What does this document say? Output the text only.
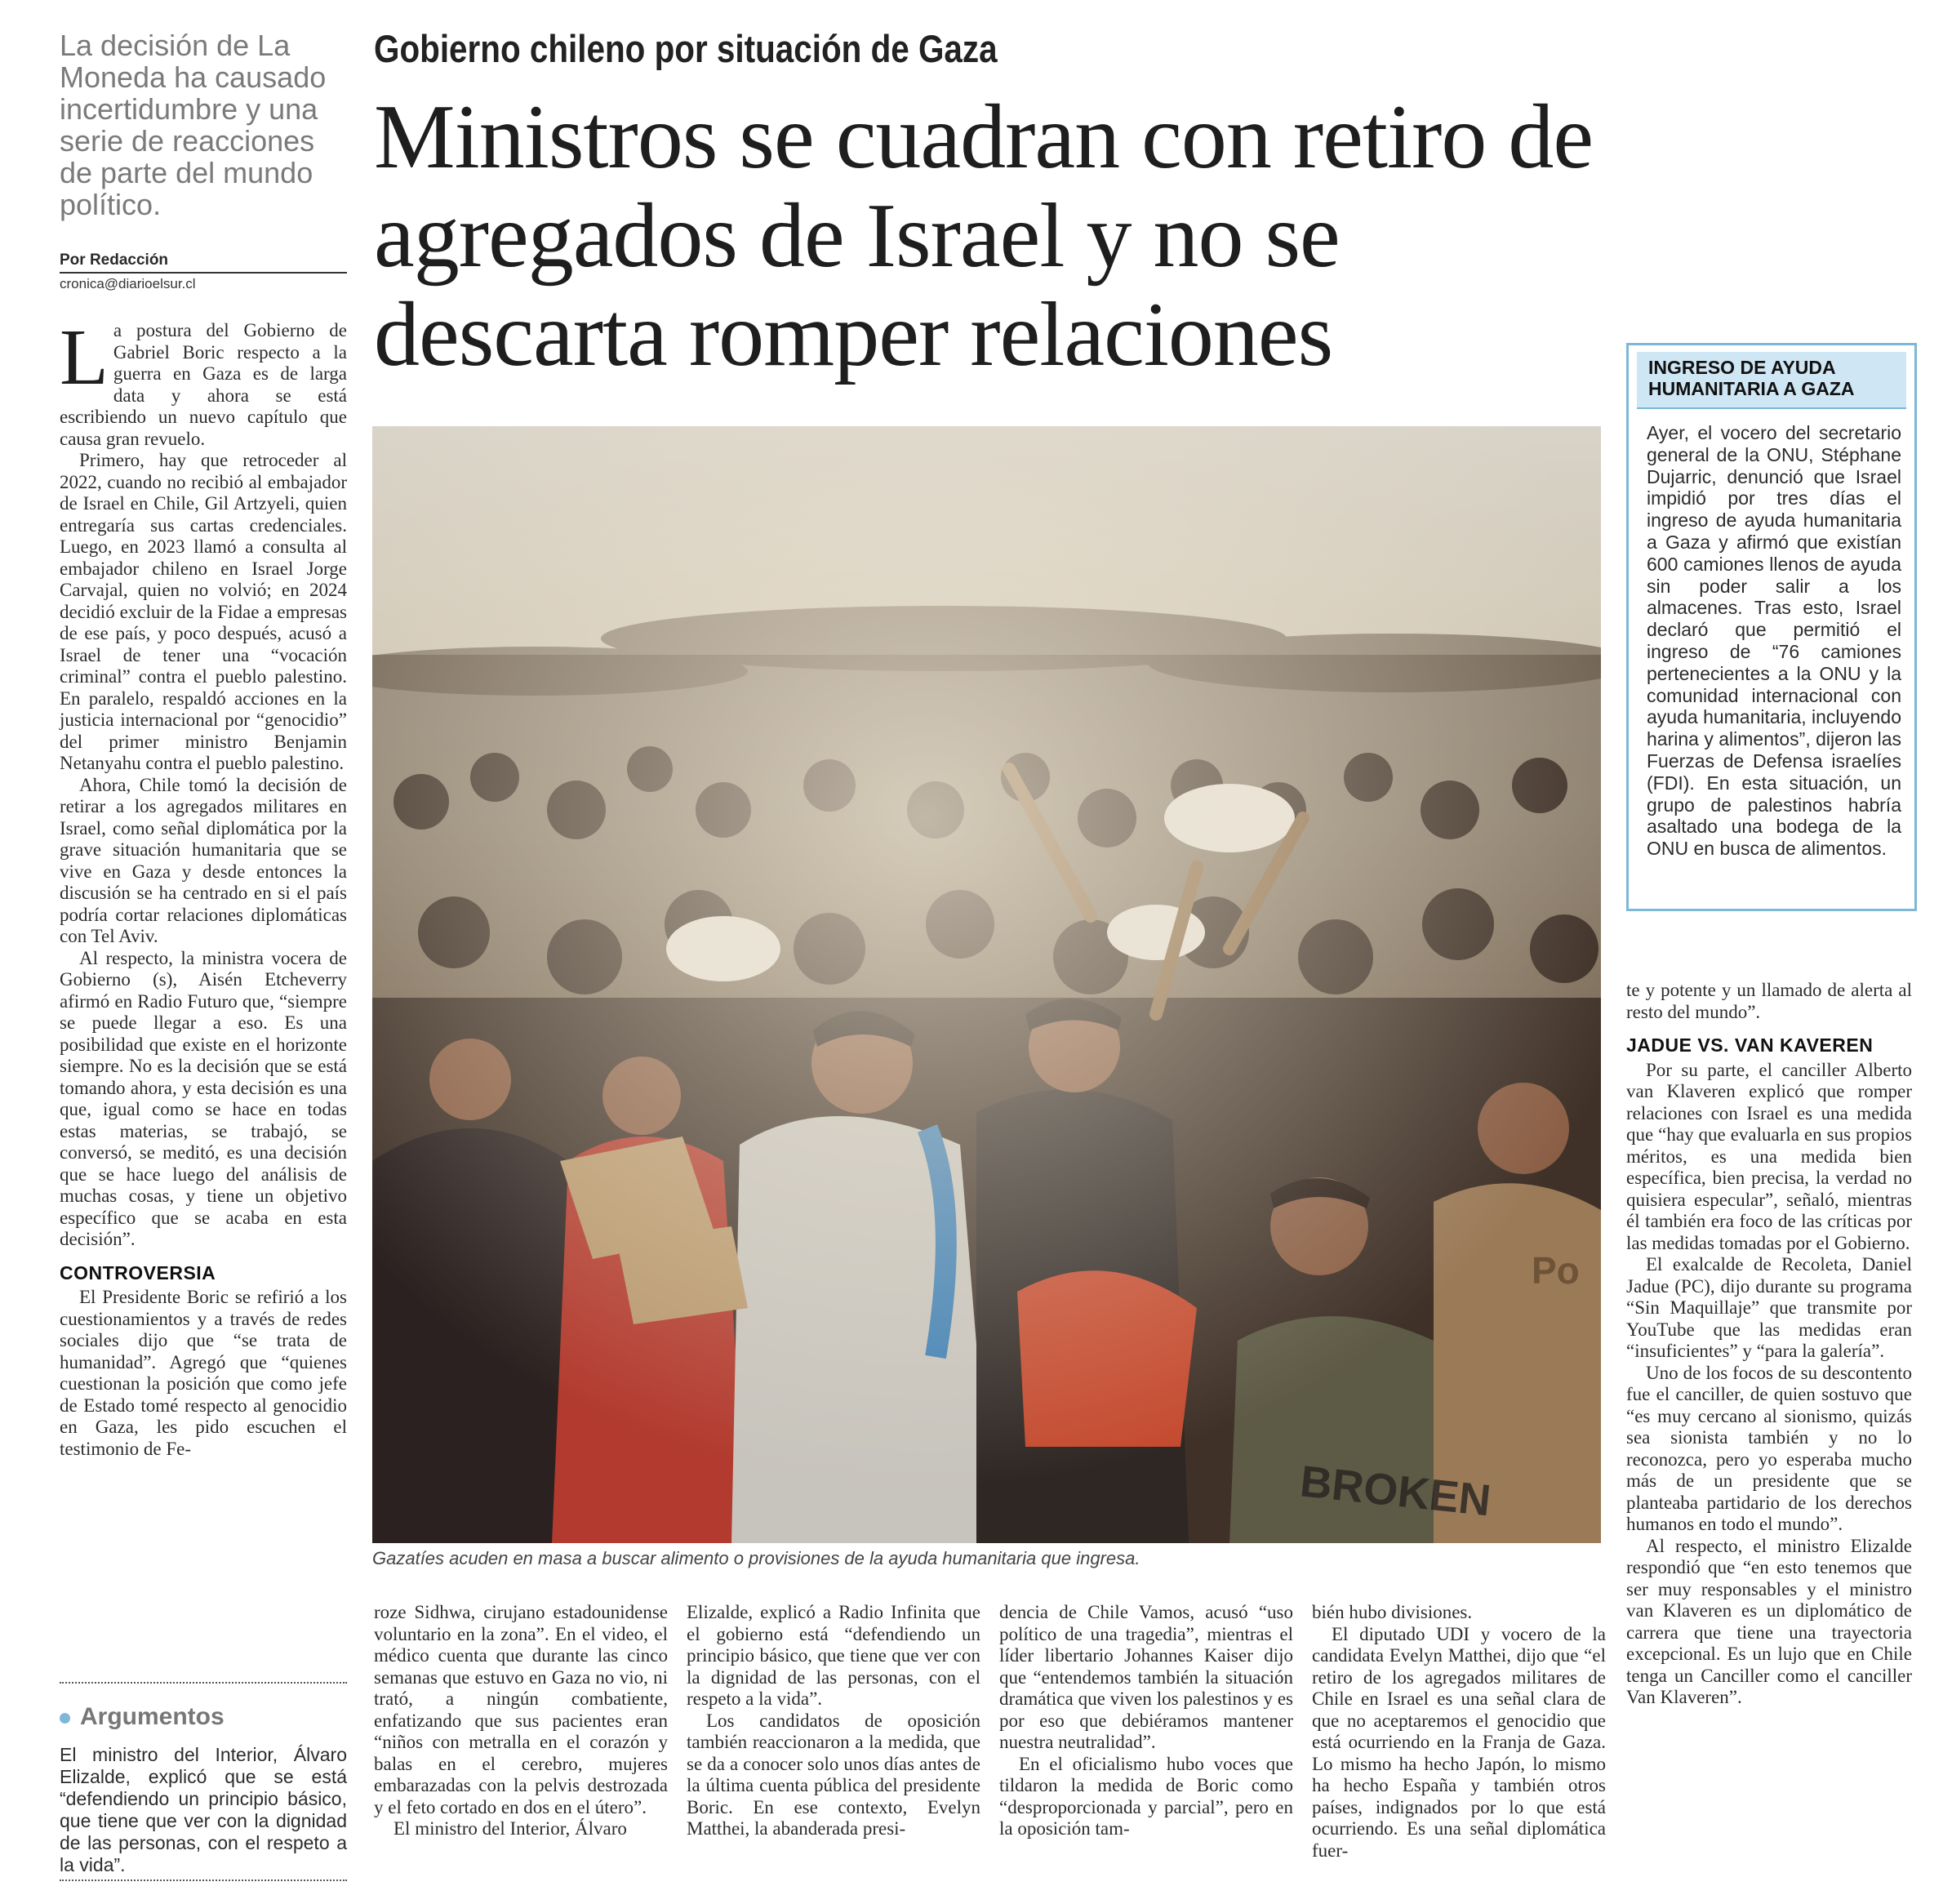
La decisión de La Moneda ha causado incertidumbre y una serie de reacciones de parte del mundo político.
Por Redacción
cronica@diarioelsur.cl
Gobierno chileno por situación de Gaza
Ministros se cuadran con retiro de agregados de Israel y no se descarta romper relaciones

La postura del Gobierno de Gabriel Boric respecto a la guerra en Gaza es de larga data y ahora se está escribiendo un nuevo capítulo que causa gran revuelo.

Primero, hay que retroceder al 2022, cuando no recibió al embajador de Israel en Chile, Gil Artzyeli, quien entregaría sus cartas credenciales. Luego, en 2023 llamó a consulta al embajador chileno en Israel Jorge Carvajal, quien no volvió; en 2024 decidió excluir de la Fidae a empresas de ese país, y poco después, acusó a Israel de tener una “vocación criminal” contra el pueblo palestino. En paralelo, respaldó acciones en la justicia internacional por “genocidio” del primer ministro Benjamin Netanyahu contra el pueblo palestino.

Ahora, Chile tomó la decisión de retirar a los agregados militares en Israel, como señal diplomática por la grave situación humanitaria que se vive en Gaza y desde entonces la discusión se ha centrado en si el país podría cortar relaciones diplomáticas con Tel Aviv.

Al respecto, la ministra vocera de Gobierno (s), Aisén Etcheverry afirmó en Radio Futuro que, “siempre se puede llegar a eso. Es una posibilidad que existe en el horizonte siempre. No es la decisión que se está tomando ahora, y esta decisión es una que, igual como se hace en todas estas materias, se trabajó, se conversó, se meditó, es una decisión que se hace luego del análisis de muchas cosas, y tiene un objetivo específico que se acaba en esta decisión”.

CONTROVERSIA

El Presidente Boric se refirió a los cuestionamientos y a través de redes sociales dijo que “se trata de humanidad”. Agregó que “quienes cuestionan la posición que como jefe de Estado tomé respecto al genocidio en Gaza, les pido escuchen el testimonio de Fe-

BROKEN
Po
Gazatíes acuden en masa a buscar alimento o provisiones de la ayuda humanitaria que ingresa.
INGRESO DE AYUDA HUMANITARIA A GAZA
Ayer, el vocero del secretario general de la ONU, Stéphane Dujarric, denunció que Israel impidió por tres días el ingreso de ayuda humanitaria a Gaza y afirmó que existían 600 camiones llenos de ayuda sin poder salir a los almacenes. Tras esto, Israel declaró que permitió el ingreso de “76 camiones pertenecientes a la ONU y la comunidad internacional con ayuda humanitaria, incluyendo harina y alimentos”, dijeron las Fuerzas de Defensa israelíes (FDI). En esta situación, un grupo de palestinos habría asaltado una bodega de la ONU en busca de alimentos.

te y potente y un llamado de alerta al resto del mundo”.

JADUE VS. VAN KAVEREN

Por su parte, el canciller Alberto van Klaveren explicó que romper relaciones con Israel es una medida que “hay que evaluarla en sus propios méritos, es una medida bien específica, bien precisa, la verdad no quisiera especular”, señaló, mientras él también era foco de las críticas por las medidas tomadas por el Gobierno.

El exalcalde de Recoleta, Daniel Jadue (PC), dijo durante su programa “Sin Maquillaje” que transmite por YouTube que las medidas eran “insuficientes” y “para la galería”.

Uno de los focos de su descontento fue el canciller, de quien sostuvo que “es muy cercano al sionismo, quizás sea sionista también y no lo reconozca, pero yo esperaba mucho más de un presidente que se planteaba partidario de los derechos humanos en todo el mundo”.

Al respecto, el ministro Elizalde respondió que “en esto tenemos que ser muy responsables y el ministro van Klaveren es un diplomático de carrera que tiene una trayectoria excepcional. Es un lujo que en Chile tenga un Canciller como el canciller Van Klaveren”.

roze Sidhwa, cirujano estadounidense voluntario en la zona”. En el video, el médico cuenta que durante las cinco semanas que estuvo en Gaza no vio, ni trató, a ningún combatiente, enfatizando que sus pacientes eran “niños con metralla en el corazón y balas en el cerebro, mujeres embarazadas con la pelvis destrozada y el feto cortado en dos en el útero”.

El ministro del Interior, Álvaro

Elizalde, explicó a Radio Infinita que el gobierno está “defendiendo un principio básico, que tiene que ver con la dignidad de las personas, con el respeto a la vida”.

Los candidatos de oposición también reaccionaron a la medida, que se da a conocer solo unos días antes de la última cuenta pública del presidente Boric. En ese contexto, Evelyn Matthei, la abanderada presi-

dencia de Chile Vamos, acusó “uso político de una tragedia”, mientras el líder libertario Johannes Kaiser dijo que “entendemos también la situación dramática que viven los palestinos y es por eso que debiéramos mantener nuestra neutralidad”.

En el oficialismo hubo voces que tildaron la medida de Boric como “desproporcionada y parcial”, pero en la oposición tam-

bién hubo divisiones.

El diputado UDI y vocero de la candidata Evelyn Matthei, dijo que “el retiro de los agregados militares de Chile en Israel es una señal clara de que no aceptaremos el genocidio que está ocurriendo en la Franja de Gaza. Lo mismo ha hecho Japón, lo mismo ha hecho España y también otros países, indignados por lo que está ocurriendo. Es una señal diplomática fuer-

Argumentos
El ministro del Interior, Álvaro Elizalde, explicó que se está “defendiendo un principio básico, que tiene que ver con la dignidad de las personas, con el respeto a la vida”.
